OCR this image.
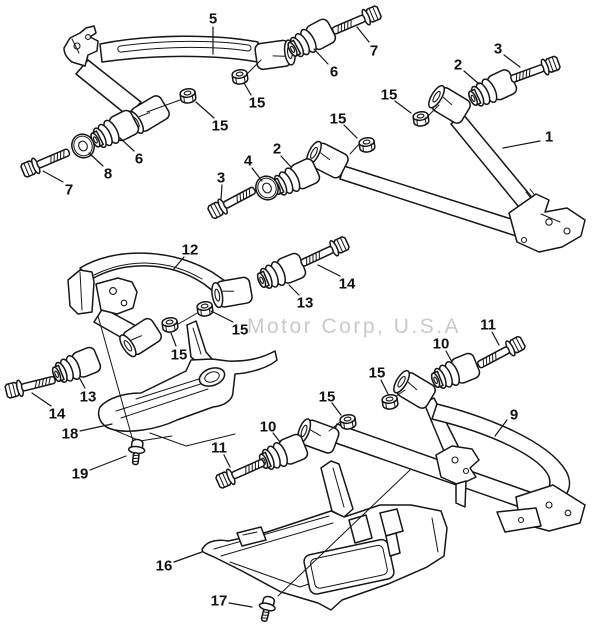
Motor Corp, U.S.A
5
7
6
15
15
6
8
7
3
2
15
1
15
2
4
3
12
14
13
15
15
13
14
18
19
11
10
15
9
15
10
11
16
17
